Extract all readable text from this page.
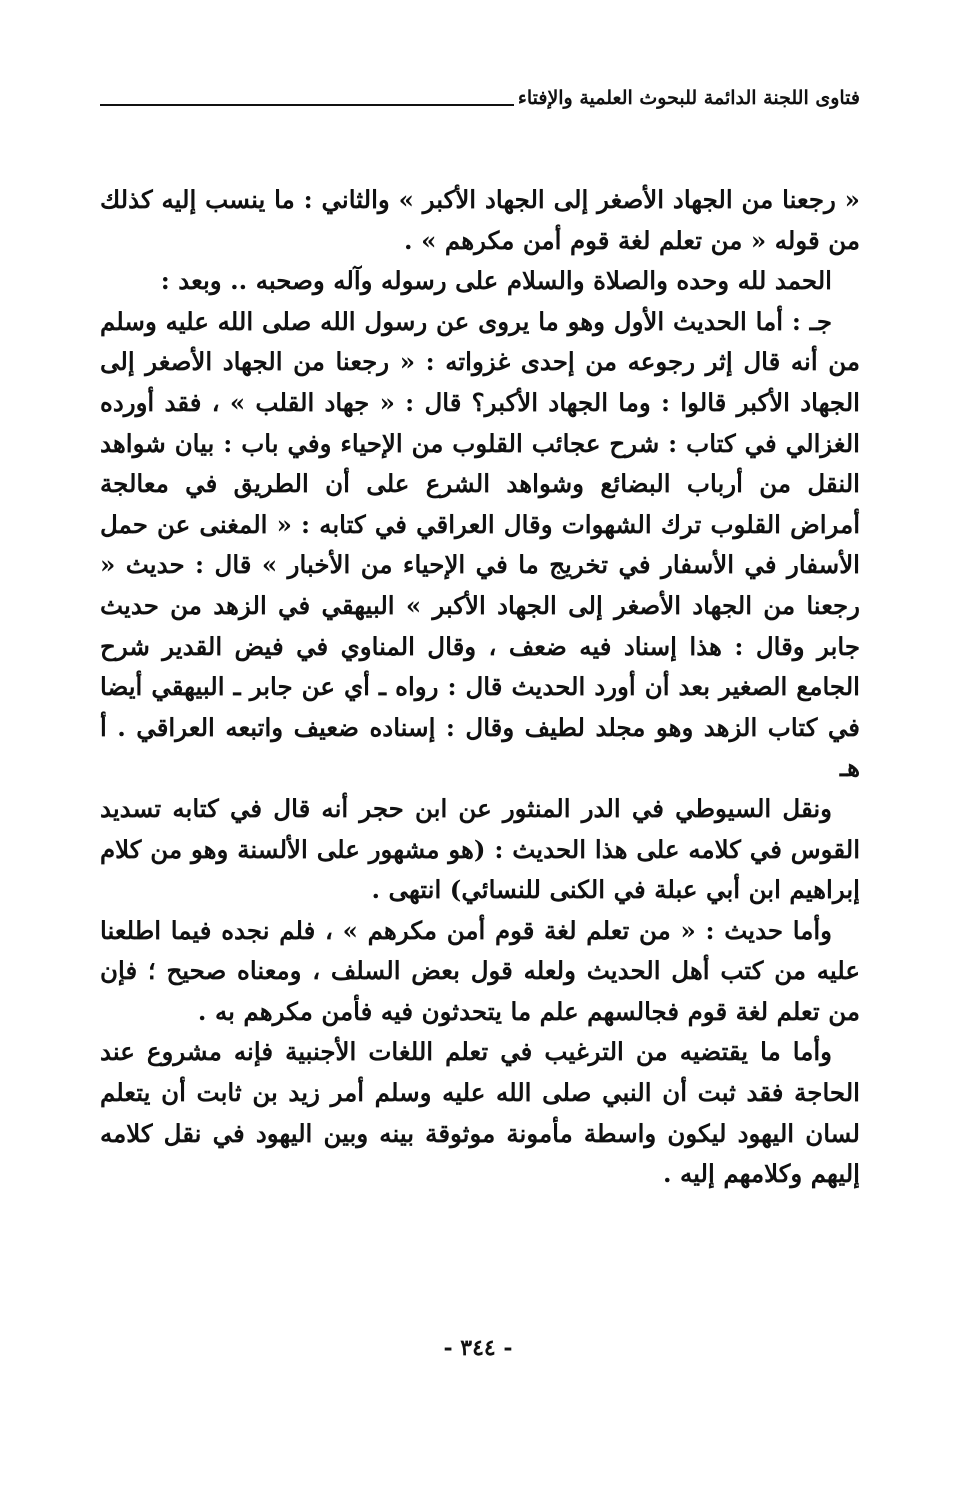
فتاوى اللجنة الدائمة للبحوث العلمية والإفتاء

« رجعنا من الجهاد الأصغر إلى الجهاد الأكبر » والثاني : ما ينسب إليه كذلك من قوله « من تعلم لغة قوم أمن مكرهم » .

الحمد لله وحده والصلاة والسلام على رسوله وآله وصحبه .. وبعد :

جـ : أما الحديث الأول وهو ما يروى عن رسول الله صلى الله عليه وسلم من أنه قال إثر رجوعه من إحدى غزواته : « رجعنا من الجهاد الأصغر إلى الجهاد الأكبر قالوا : وما الجهاد الأكبر؟ قال : « جهاد القلب » ، فقد أورده الغزالي في كتاب : شرح عجائب القلوب من الإحياء وفي باب : بيان شواهد النقل من أرباب البضائع وشواهد الشرع على أن الطريق في معالجة أمراض القلوب ترك الشهوات وقال العراقي في كتابه : « المغنى عن حمل الأسفار في الأسفار في تخريج ما في الإحياء من الأخبار » قال : حديث « رجعنا من الجهاد الأصغر إلى الجهاد الأكبر » البيهقي في الزهد من حديث جابر وقال : هذا إسناد فيه ضعف ، وقال المناوي في فيض القدير شرح الجامع الصغير بعد أن أورد الحديث قال : رواه ـ أي عن جابر ـ البيهقي أيضا في كتاب الزهد وهو مجلد لطيف وقال : إسناده ضعيف واتبعه العراقي . أ هـ

ونقل السيوطي في الدر المنثور عن ابن حجر أنه قال في كتابه تسديد القوس في كلامه على هذا الحديث : (هو مشهور على الألسنة وهو من كلام إبراهيم ابن أبي عبلة في الكنى للنسائي) انتهى .

وأما حديث : « من تعلم لغة قوم أمن مكرهم » ، فلم نجده فيما اطلعنا عليه من كتب أهل الحديث ولعله قول بعض السلف ، ومعناه صحيح ؛ فإن من تعلم لغة قوم فجالسهم علم ما يتحدثون فيه فأمن مكرهم به .

وأما ما يقتضيه من الترغيب في تعلم اللغات الأجنبية فإنه مشروع عند الحاجة فقد ثبت أن النبي صلى الله عليه وسلم أمر زيد بن ثابت أن يتعلم لسان اليهود ليكون واسطة مأمونة موثوقة بينه وبين اليهود في نقل كلامه إليهم وكلامهم إليه .

- ٣٤٤ -
